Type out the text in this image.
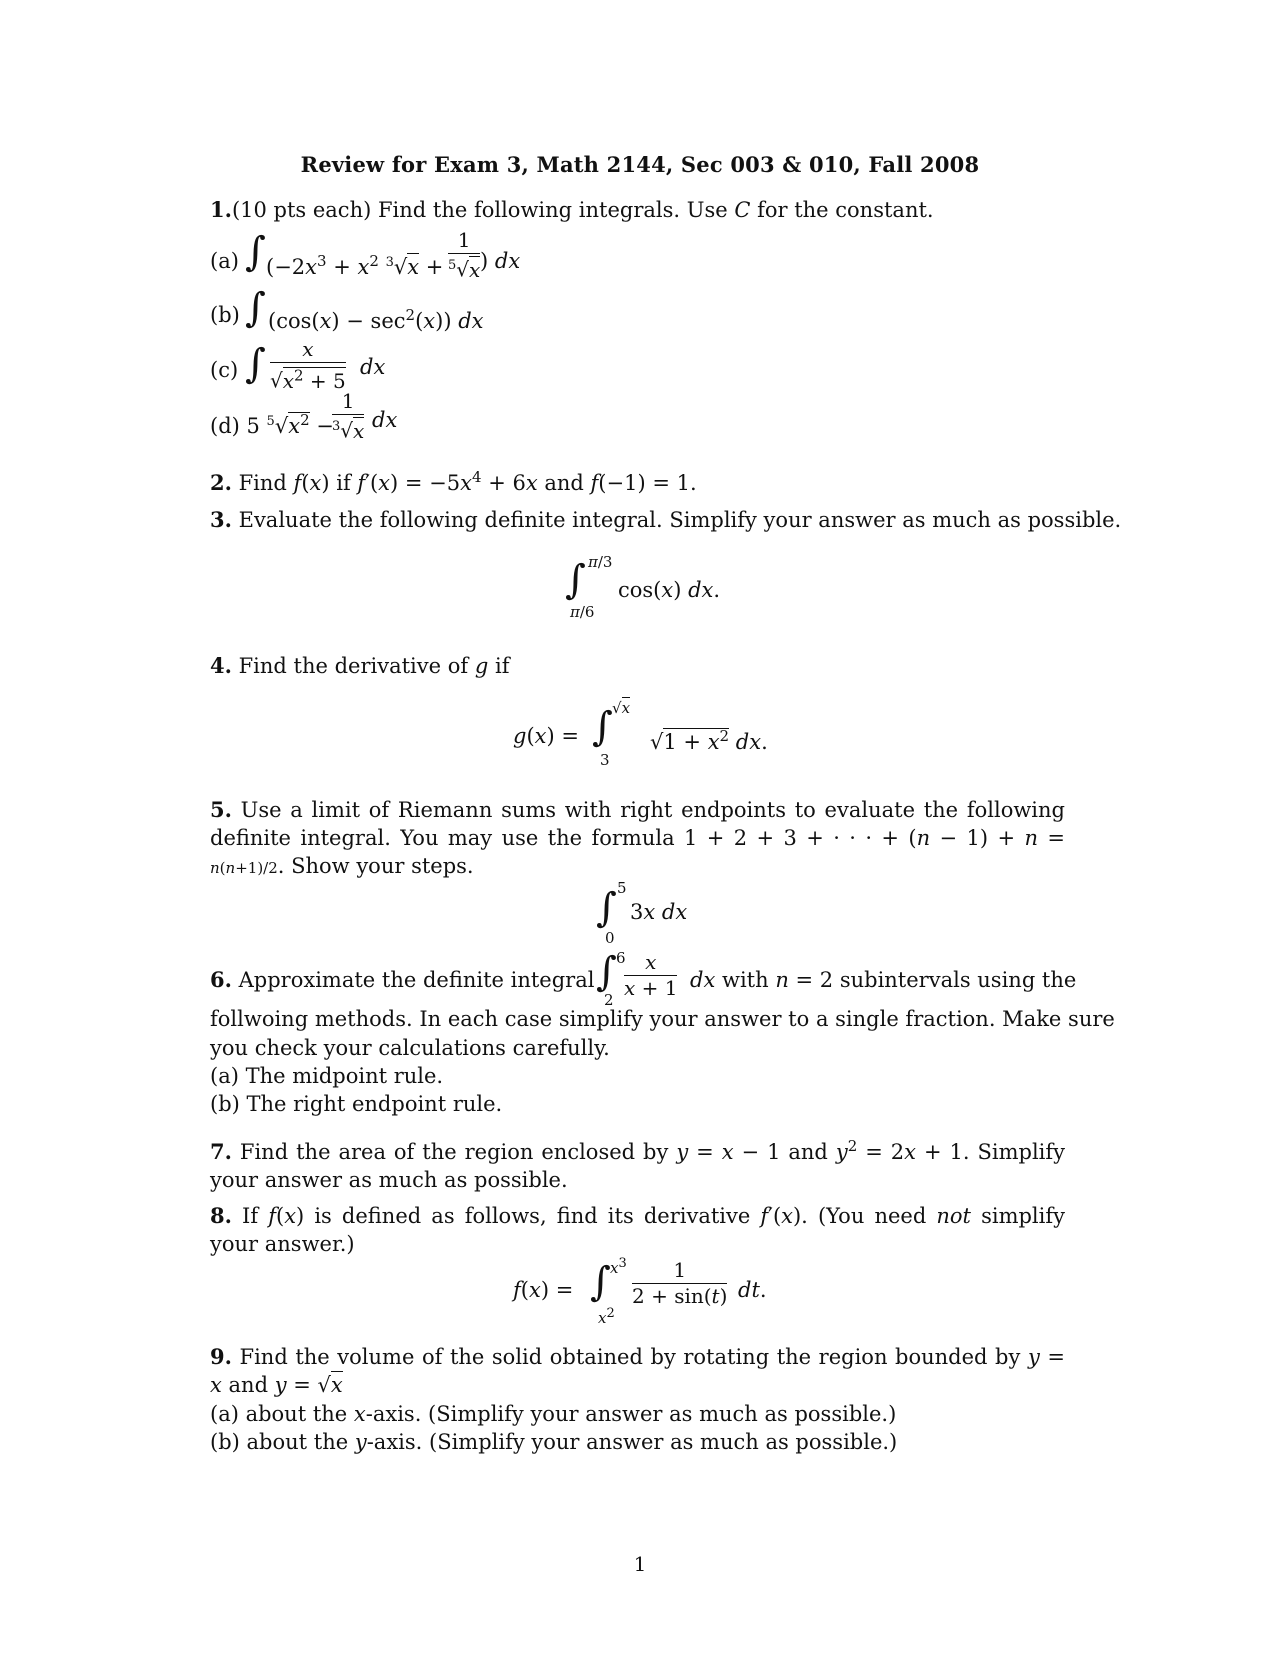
Review for Exam 3, Math 2144, Sec 003 & 010, Fall 2008
1.(10 pts each) Find the following integrals. Use C for the constant.
(a) ∫ ($-2x^3 + x^2$ $^3√x + \frac{1}{^5√x}$ ) dx
(b) ∫ $(\cos(x) - \sec^2(x))$ dx
(c) ∫ $\frac{x}{√x^2 + 5}$ dx
(d) 5 $^5√x^2$ −
$\frac{1}{^3√x}$ dx
2. Find f(x) if $f'(x) = -5x^4 + 6x$ and f(−1) = 1.
3. Evaluate the following definite integral. Simplify your answer as much as possible.
∫ π/3
π/6
cos(x) dx.
4. Find the derivative of g if
g(x) = ∫ √x
3
$√1 + x^2$ dx.
5. Use a limit of Riemann sums with right endpoints to evaluate the following definite integral. You may use the formula 1 + 2 + 3 + · · · + (n − 1) + n = n(n+1)/2. Show your steps.
∫ 5
0
3x dx
6. Approximate the definite integral ∫ 6
$2 \frac{x}{x + 1}$ dx with n = 2 subintervals using the
follwoing methods. In each case simplify your answer to a single fraction. Make sure
you check your calculations carefully.
(a) The midpoint rule.
(b) The right endpoint rule.
7. Find the area of the region enclosed by y = x − 1 and $y^2 = 2x + 1$. Simplify your answer as much as possible.
8. If f(x) is defined as follows, find its derivative f′(x). (You need not simplify your answer.)
f(x) = ∫ $x^3$
$x^2$
$\frac{1}{2 + \sin(t)}$ dt.
9. Find the volume of the solid obtained by rotating the region bounded by y = x and y = √x
(a) about the x-axis. (Simplify your answer as much as possible.)
(b) about the y-axis. (Simplify your answer as much as possible.)
1
